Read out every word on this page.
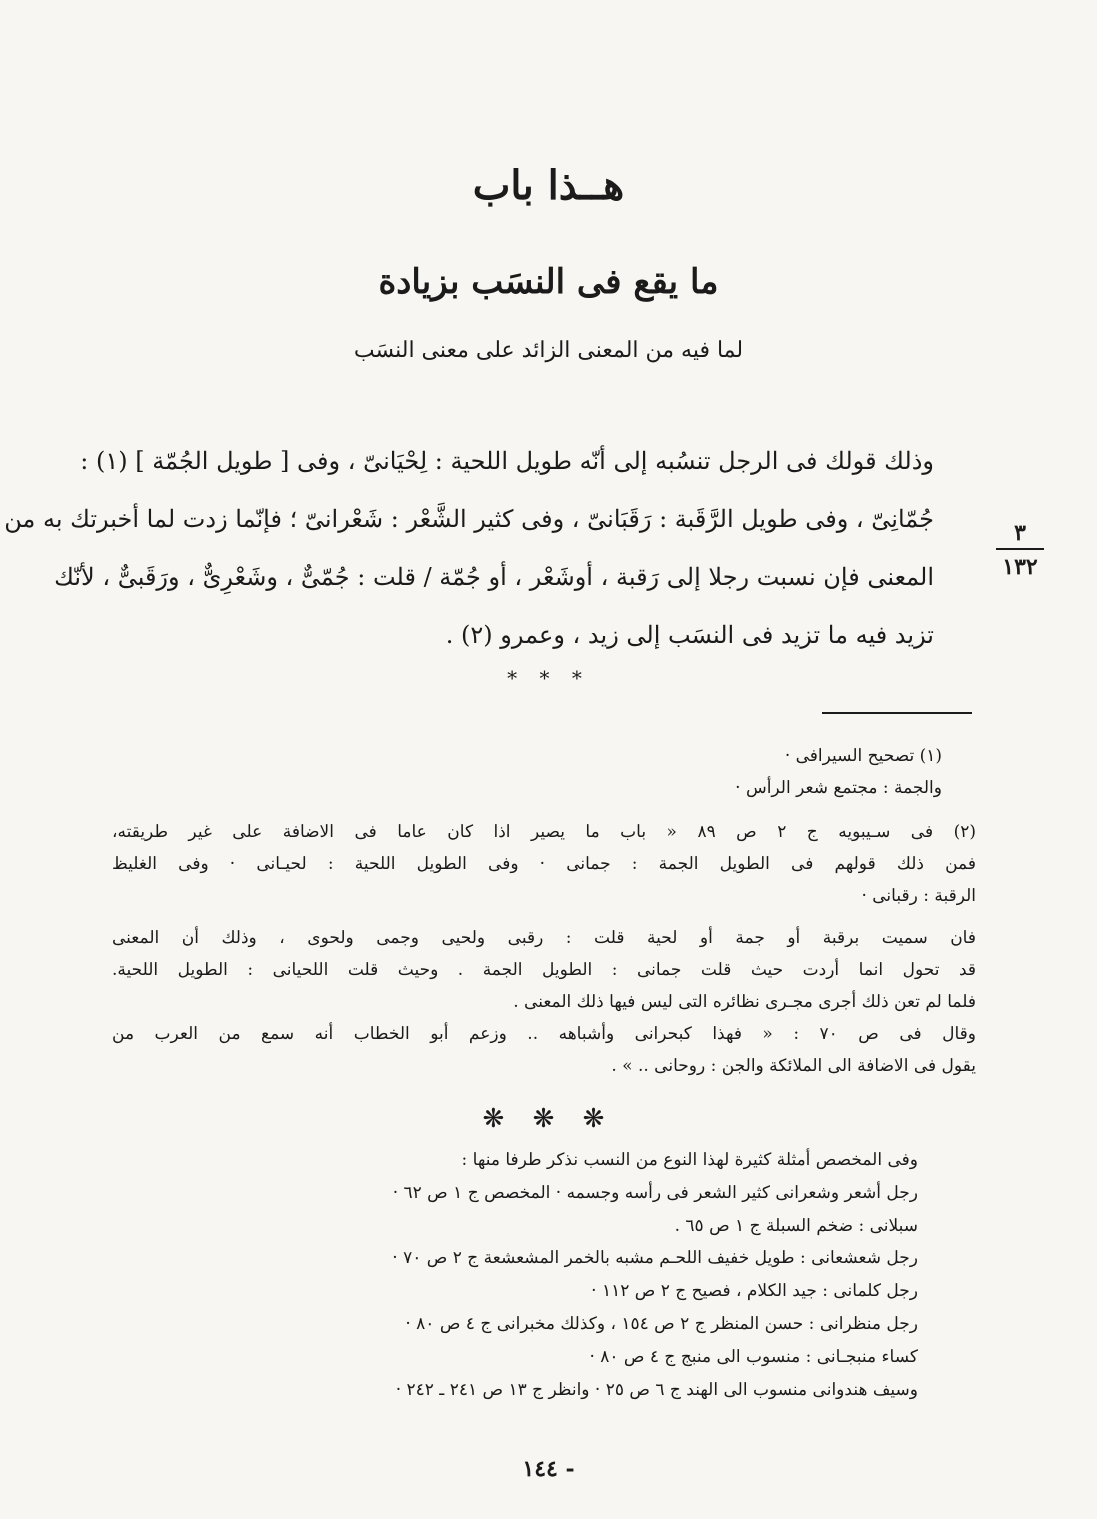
هــذا باب
ما يقع فى النسَب بزيادة
لما فيه من المعنى الزائد على معنى النسَب
وذلك قولك فى الرجل تنسُبه إلى أنّه طويل اللحية : لِحْيَانىّ ، وفى [ طويل الجُمّة ] (١) :
جُمّانِىّ ، وفى طويل الرَّقَبة : رَقَبَانىّ ، وفى كثير الشَّعْر : شَعْرانىّ ؛ فإنّما زدت لما أخبرتك به من
المعنى فإن نسبت رجلا إلى رَقبة ، أوشَعْر ، أو جُمّة / قلت : جُمّىٌّ ، وشَعْرِىٌّ ، ورَقَبىٌّ ، لأنّك
تزيد فيه ما تزيد فى النسَب إلى زيد ، وعمرو (٢) .
٣
١٣٢
* * *
(١) تصحيح السيرافى ·
والجمة : مجتمع شعر الرأس ·
(٢) فى سـيبويه ج ٢ ص ٨٩ « باب ما يصير اذا كان عاما فى الاضافة على غير طريقته،
فمن ذلك قولهم فى الطويل الجمة : جمانى · وفى الطويل اللحية : لحيـانى · وفى الغليظ
الرقبة : رقبانى ·
فان سميت برقبة أو جمة أو لحية قلت : رقبى ولحيى وجمى ولحوى ، وذلك أن المعنى
قد تحول انما أردت حيث قلت جمانى : الطويل الجمة . وحيث قلت اللحيانى : الطويل اللحية.
فلما لم تعن ذلك أجرى مجـرى نظائره التى ليس فيها ذلك المعنى .
وقال فى ص ٧٠ : « فهذا كبحرانى وأشباهه .. وزعم أبو الخطاب أنه سمع من العرب من
يقول فى الاضافة الى الملائكة والجن : روحانى .. » .
❋ ❋ ❋
وفى المخصص أمثلة كثيرة لهذا النوع من النسب نذكر طرفا منها :
رجل أشعر وشعرانى كثير الشعر فى رأسه وجسمه · المخصص ج ١ ص ٦٢ ·
سبلانى : ضخم السبلة ج ١ ص ٦٥ .
رجل شعشعانى : طويل خفيف اللحـم مشبه بالخمر المشعشعة ج ٢ ص ٧٠ ·
رجل كلمانى : جيد الكلام ، فصيح ج ٢ ص ١١٢ ·
رجل منظرانى : حسن المنظر ج ٢ ص ١٥٤ ، وكذلك مخبرانى ج ٤ ص ٨٠ ·
كساء منبجـانى : منسوب الى منبج ج ٤ ص ٨٠ ·
وسيف هندوانى منسوب الى الهند ج ٦ ص ٢٥ · وانظر ج ١٣ ص ٢٤١ ـ ٢٤٢ ·
- ١٤٤
